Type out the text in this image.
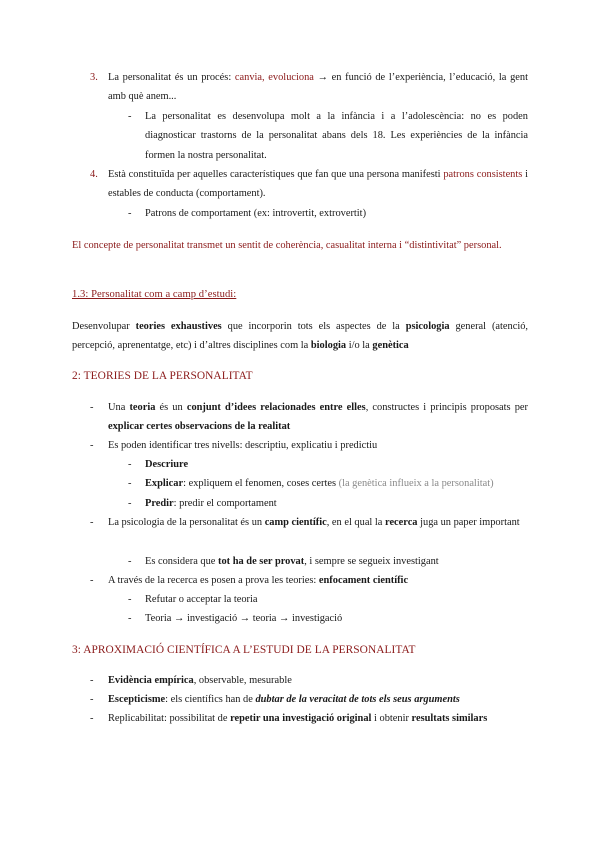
3. La personalitat és un procés: canvia, evoluciona → en funció de l’experiència, l’educació, la gent amb què anem...
- La personalitat es desenvolupa molt a la infància i a l’adolescència: no es poden diagnosticar trastorns de la personalitat abans dels 18. Les experiències de la infància formen la nostra personalitat.
4. Està constituïda per aquelles característiques que fan que una persona manifesti patrons consistents i estables de conducta (comportament).
- Patrons de comportament (ex: introvertit, extrovertit)
El concepte de personalitat transmet un sentit de coherència, casualitat interna i “distintivitat” personal.
1.3: Personalitat com a camp d’estudi:
Desenvolupar teories exhaustives que incorporin tots els aspectes de la psicologia general (atenció, percepció, aprenentatge, etc) i d’altres disciplines com la biologia i/o la genètica
2: TEORIES DE LA PERSONALITAT
- Una teoria és un conjunt d’idees relacionades entre elles, constructes i principis proposats per explicar certes observacions de la realitat
- Es poden identificar tres nivells: descriptiu, explicatiu i predictiu
- Descriure
- Explicar: expliquem el fenomen, coses certes (la genètica influeix a la personalitat)
- Predir: predir el comportament
- La psicologia de la personalitat és un camp científic, en el qual la recerca juga un paper important
- Es considera que tot ha de ser provat, i sempre se segueix investigant
- A través de la recerca es posen a prova les teories: enfocament científic
- Refutar o acceptar la teoria
- Teoria → investigació → teoria → investigació
3: APROXIMACIÓ CIENTÍFICA A L’ESTUDI DE LA PERSONALITAT
- Evidència empírica, observable, mesurable
- Escepticisme: els científics han de dubtar de la veracitat de tots els seus arguments
- Replicabilitat: possibilitat de repetir una investigació original i obtenir resultats similars
